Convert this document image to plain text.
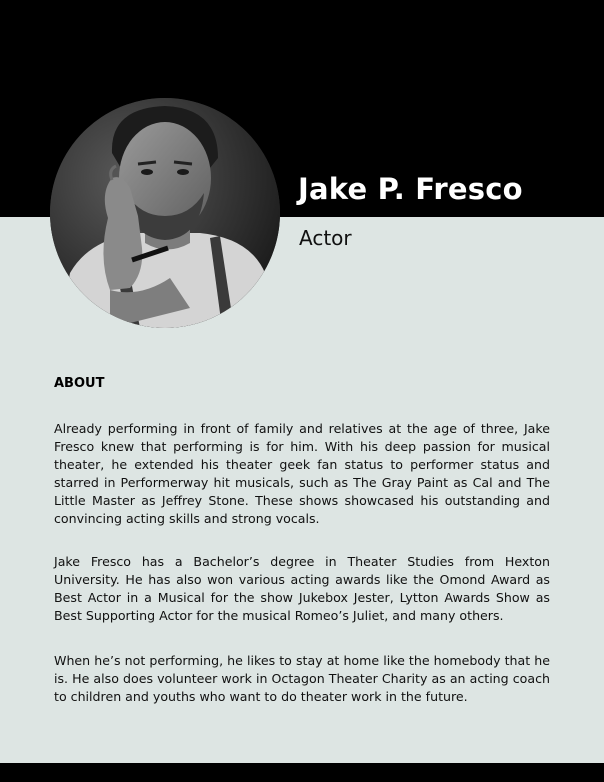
Jake P. Fresco
Actor
ABOUT

Already performing in front of family and relatives at the age of three, Jake Fresco knew that performing is for him. With his deep passion for musical theater, he extended his theater geek fan status to performer status and starred in Performerway hit musicals, such as The Gray Paint as Cal and The Little Master as Jeffrey Stone. These shows showcased his outstanding and convincing acting skills and strong vocals.

Jake Fresco has a Bachelor’s degree in Theater Studies from Hexton University. He has also won various acting awards like the Omond Award as Best Actor in a Musical for the show Jukebox Jester, Lytton Awards Show as Best Supporting Actor for the musical Romeo’s Juliet, and many others.

When he’s not performing, he likes to stay at home like the homebody that he is. He also does volunteer work in Octagon Theater Charity as an acting coach to children and youths who want to do theater work in the future.
